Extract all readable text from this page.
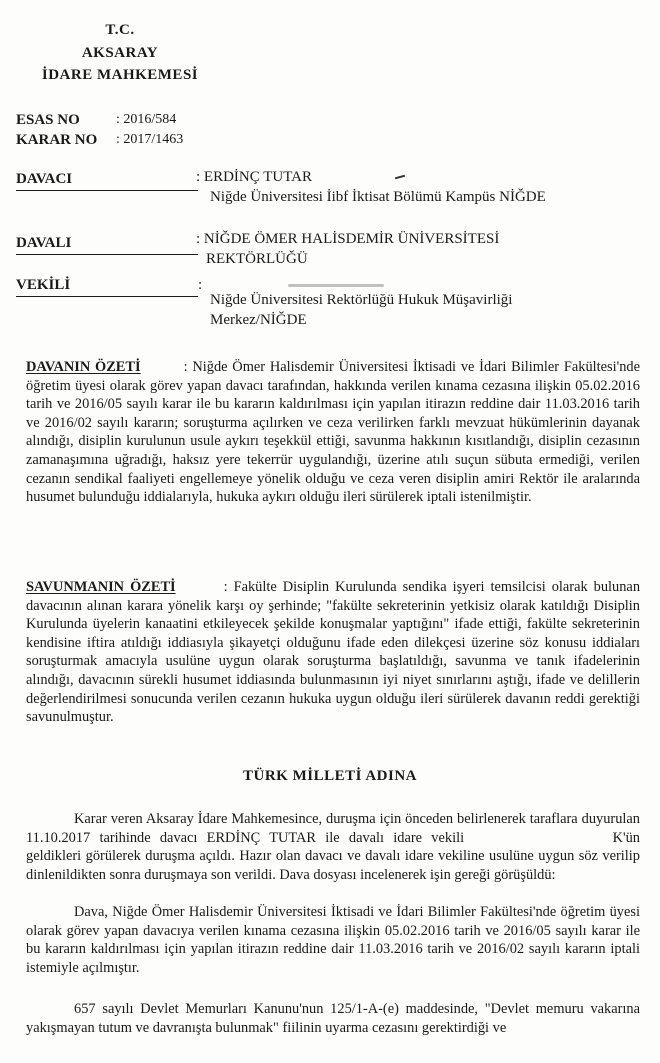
T.C.
AKSARAY
İDARE MAHKEMESİ
ESAS NO	: 2016/584
KARAR NO : 2017/1463
DAVACI	: ERDİNÇ TUTAR
Niğde Üniversitesi İibf İktisat Bölümü Kampüs NİĞDE
DAVALI	: NİĞDE ÖMER HALİSDEMİR ÜNİVERSİTESİ
REKTÖRLÜĞÜ
VEKİLİ	:
Niğde Üniversitesi Rektörlüğü Hukuk Müşavirliği
Merkez/NİĞDE
DAVANIN ÖZETİ	: Niğde Ömer Halisdemir Üniversitesi İktisadi ve İdari Bilimler Fakültesi'nde öğretim üyesi olarak görev yapan davacı tarafından, hakkında verilen kınama cezasına ilişkin 05.02.2016 tarih ve 2016/05 sayılı karar ile bu kararın kaldırılması için yapılan itirazın reddine dair 11.03.2016 tarih ve 2016/02 sayılı kararın; soruşturma açılırken ve ceza verilirken farklı mevzuat hükümlerinin dayanak alındığı, disiplin kurulunun usule aykırı teşekkül ettiği, savunma hakkının kısıtlandığı, disiplin cezasının zamanaşımına uğradığı, haksız yere tekerrür uygulandığı, üzerine atılı suçun sübuta ermediği, verilen cezanın sendikal faaliyeti engellemeye yönelik olduğu ve ceza veren disiplin amiri Rektör ile aralarında husumet bulunduğu iddialarıyla, hukuka aykırı olduğu ileri sürülerek iptali istenilmiştir.
SAVUNMANIN ÖZETİ	: Fakülte Disiplin Kurulunda sendika işyeri temsilcisi olarak bulunan davacının alınan karara yönelik karşı oy şerhinde; "fakülte sekreterinin yetkisiz olarak katıldığı Disiplin Kurulunda üyelerin kanaatini etkileyecek şekilde konuşmalar yaptığını" ifade ettiği, fakülte sekreterinin kendisine iftira atıldığı iddiasıyla şikayetçi olduğunu ifade eden dilekçesi üzerine söz konusu iddiaları soruşturmak amacıyla usulüne uygun olarak soruşturma başlatıldığı, savunma ve tanık ifadelerinin alındığı, davacının sürekli husumet iddiasında bulunmasının iyi niyet sınırlarını aştığı, ifade ve delillerin değerlendirilmesi sonucunda verilen cezanın hukuka uygun olduğu ileri sürülerek davanın reddi gerektiği savunulmuştur.
TÜRK MİLLETİ ADINA
Karar veren Aksaray İdare Mahkemesince, duruşma için önceden belirlenerek taraflara duyurulan 11.10.2017 tarihinde davacı ERDİNÇ TUTAR ile davalı idare vekili	K'ün geldikleri görülerek duruşma açıldı. Hazır olan davacı ve davalı idare vekiline usulüne uygun söz verilip dinlenildikten sonra duruşmaya son verildi. Dava dosyası incelenerek işin gereği görüşüldü:
Dava, Niğde Ömer Halisdemir Üniversitesi İktisadi ve İdari Bilimler Fakültesi'nde öğretim üyesi olarak görev yapan davacıya verilen kınama cezasına ilişkin 05.02.2016 tarih ve 2016/05 sayılı karar ile bu kararın kaldırılması için yapılan itirazın reddine dair 11.03.2016 tarih ve 2016/02 sayılı kararın iptali istemiyle açılmıştır.
657 sayılı Devlet Memurları Kanunu'nun 125/1-A-(e) maddesinde, "Devlet memuru vakarına yakışmayan tutum ve davranışta bulunmak" fiilinin uyarma cezasını gerektirdiği ve
